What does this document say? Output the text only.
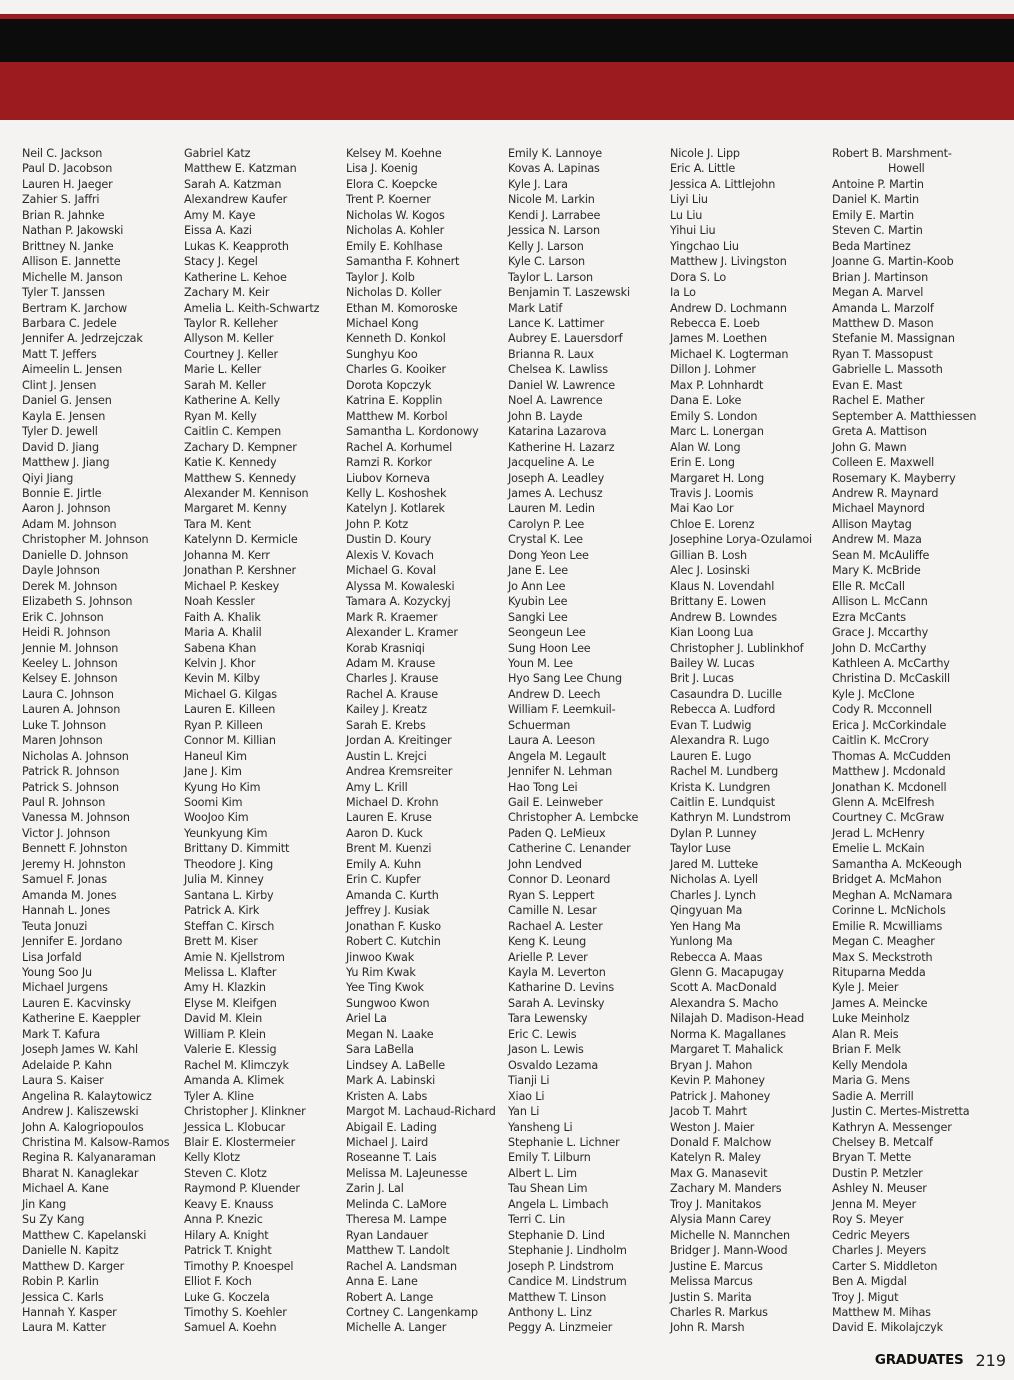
Neil C. Jackson
Paul D. Jacobson
Lauren H. Jaeger
Zahier S. Jaffri
Brian R. Jahnke
Nathan P. Jakowski
Brittney N. Janke
Allison E. Jannette
Michelle M. Janson
Tyler T. Janssen
Bertram K. Jarchow
Barbara C. Jedele
Jennifer A. Jedrzejczak
Matt T. Jeffers
Aimeelin L. Jensen
Clint J. Jensen
Daniel G. Jensen
Kayla E. Jensen
Tyler D. Jewell
David D. Jiang
Matthew J. Jiang
Qiyi Jiang
Bonnie E. Jirtle
Aaron J. Johnson
Adam M. Johnson
Christopher M. Johnson
Danielle D. Johnson
Dayle Johnson
Derek M. Johnson
Elizabeth S. Johnson
Erik C. Johnson
Heidi R. Johnson
Jennie M. Johnson
Keeley L. Johnson
Kelsey E. Johnson
Laura C. Johnson
Lauren A. Johnson
Luke T. Johnson
Maren Johnson
Nicholas A. Johnson
Patrick R. Johnson
Patrick S. Johnson
Paul R. Johnson
Vanessa M. Johnson
Victor J. Johnson
Bennett F. Johnston
Jeremy H. Johnston
Samuel F. Jonas
Amanda M. Jones
Hannah L. Jones
Teuta Jonuzi
Jennifer E. Jordano
Lisa Jorfald
Young Soo Ju
Michael Jurgens
Lauren E. Kacvinsky
Katherine E. Kaeppler
Mark T. Kafura
Joseph James W. Kahl
Adelaide P. Kahn
Laura S. Kaiser
Angelina R. Kalaytowicz
Andrew J. Kaliszewski
John A. Kalogriopoulos
Christina M. Kalsow-Ramos
Regina R. Kalyanaraman
Bharat N. Kanaglekar
Michael A. Kane
Jin Kang
Su Zy Kang
Matthew C. Kapelanski
Danielle N. Kapitz
Matthew D. Karger
Robin P. Karlin
Jessica C. Karls
Hannah Y. Kasper
Laura M. Katter
Gabriel Katz
Matthew E. Katzman
Sarah A. Katzman
Alexandrew Kaufer
Amy M. Kaye
Eissa A. Kazi
Lukas K. Keapproth
Stacy J. Kegel
Katherine L. Kehoe
Zachary M. Keir
Amelia L. Keith-Schwartz
Taylor R. Kelleher
Allyson M. Keller
Courtney J. Keller
Marie L. Keller
Sarah M. Keller
Katherine A. Kelly
Ryan M. Kelly
Caitlin C. Kempen
Zachary D. Kempner
Katie K. Kennedy
Matthew S. Kennedy
Alexander M. Kennison
Margaret M. Kenny
Tara M. Kent
Katelynn D. Kermicle
Johanna M. Kerr
Jonathan P. Kershner
Michael P. Keskey
Noah Kessler
Faith A. Khalik
Maria A. Khalil
Sabena Khan
Kelvin J. Khor
Kevin M. Kilby
Michael G. Kilgas
Lauren E. Killeen
Ryan P. Killeen
Connor M. Killian
Haneul Kim
Jane J. Kim
Kyung Ho Kim
Soomi Kim
WooJoo Kim
Yeunkyung Kim
Brittany D. Kimmitt
Theodore J. King
Julia M. Kinney
Santana L. Kirby
Patrick A. Kirk
Steffan C. Kirsch
Brett M. Kiser
Amie N. Kjellstrom
Melissa L. Klafter
Amy H. Klazkin
Elyse M. Kleifgen
David M. Klein
William P. Klein
Valerie E. Klessig
Rachel M. Klimczyk
Amanda A. Klimek
Tyler A. Kline
Christopher J. Klinkner
Jessica L. Klobucar
Blair E. Klostermeier
Kelly Klotz
Steven C. Klotz
Raymond P. Kluender
Keavy E. Knauss
Anna P. Knezic
Hilary A. Knight
Patrick T. Knight
Timothy P. Knoespel
Elliot F. Koch
Luke G. Koczela
Timothy S. Koehler
Samuel A. Koehn
Kelsey M. Koehne
Lisa J. Koenig
Elora C. Koepcke
Trent P. Koerner
Nicholas W. Kogos
Nicholas A. Kohler
Emily E. Kohlhase
Samantha F. Kohnert
Taylor J. Kolb
Nicholas D. Koller
Ethan M. Komoroske
Michael Kong
Kenneth D. Konkol
Sunghyu Koo
Charles G. Kooiker
Dorota Kopczyk
Katrina E. Kopplin
Matthew M. Korbol
Samantha L. Kordonowy
Rachel A. Korhumel
Ramzi R. Korkor
Liubov Korneva
Kelly L. Koshoshek
Katelyn J. Kotlarek
John P. Kotz
Dustin D. Koury
Alexis V. Kovach
Michael G. Koval
Alyssa M. Kowaleski
Tamara A. Kozyckyj
Mark R. Kraemer
Alexander L. Kramer
Korab Krasniqi
Adam M. Krause
Charles J. Krause
Rachel A. Krause
Kailey J. Kreatz
Sarah E. Krebs
Jordan A. Kreitinger
Austin L. Krejci
Andrea Kremsreiter
Amy L. Krill
Michael D. Krohn
Lauren E. Kruse
Aaron D. Kuck
Brent M. Kuenzi
Emily A. Kuhn
Erin C. Kupfer
Amanda C. Kurth
Jeffrey J. Kusiak
Jonathan F. Kusko
Robert C. Kutchin
Jinwoo Kwak
Yu Rim Kwak
Yee Ting Kwok
Sungwoo Kwon
Ariel La
Megan N. Laake
Sara LaBella
Lindsey A. LaBelle
Mark A. Labinski
Kristen A. Labs
Margot M. Lachaud-Richard
Abigail E. Lading
Michael J. Laird
Roseanne T. Lais
Melissa M. LaJeunesse
Zarin J. Lal
Melinda C. LaMore
Theresa M. Lampe
Ryan Landauer
Matthew T. Landolt
Rachel A. Landsman
Anna E. Lane
Robert A. Lange
Cortney C. Langenkamp
Michelle A. Langer
Emily K. Lannoye
Kovas A. Lapinas
Kyle J. Lara
Nicole M. Larkin
Kendi J. Larrabee
Jessica N. Larson
Kelly J. Larson
Kyle C. Larson
Taylor L. Larson
Benjamin T. Laszewski
Mark Latif
Lance K. Lattimer
Aubrey E. Lauersdorf
Brianna R. Laux
Chelsea K. Lawliss
Daniel W. Lawrence
Noel A. Lawrence
John B. Layde
Katarina Lazarova
Katherine H. Lazarz
Jacqueline A. Le
Joseph A. Leadley
James A. Lechusz
Lauren M. Ledin
Carolyn P. Lee
Crystal K. Lee
Dong Yeon Lee
Jane E. Lee
Jo Ann Lee
Kyubin Lee
Sangki Lee
Seongeun Lee
Sung Hoon Lee
Youn M. Lee
Hyo Sang Lee Chung
Andrew D. Leech
William F. Leemkuil-
Schuerman
Laura A. Leeson
Angela M. Legault
Jennifer N. Lehman
Hao Tong Lei
Gail E. Leinweber
Christopher A. Lembcke
Paden Q. LeMieux
Catherine C. Lenander
John Lendved
Connor D. Leonard
Ryan S. Leppert
Camille N. Lesar
Rachael A. Lester
Keng K. Leung
Arielle P. Lever
Kayla M. Leverton
Katharine D. Levins
Sarah A. Levinsky
Tara Lewensky
Eric C. Lewis
Jason L. Lewis
Osvaldo Lezama
Tianji Li
Xiao Li
Yan Li
Yansheng Li
Stephanie L. Lichner
Emily T. Lilburn
Albert L. Lim
Tau Shean Lim
Angela L. Limbach
Terri C. Lin
Stephanie D. Lind
Stephanie J. Lindholm
Joseph P. Lindstrom
Candice M. Lindstrum
Matthew T. Linson
Anthony L. Linz
Peggy A. Linzmeier
Nicole J. Lipp
Eric A. Little
Jessica A. Littlejohn
Liyi Liu
Lu Liu
Yihui Liu
Yingchao Liu
Matthew J. Livingston
Dora S. Lo
Ia Lo
Andrew D. Lochmann
Rebecca E. Loeb
James M. Loethen
Michael K. Logterman
Dillon J. Lohmer
Max P. Lohnhardt
Dana E. Loke
Emily S. London
Marc L. Lonergan
Alan W. Long
Erin E. Long
Margaret H. Long
Travis J. Loomis
Mai Kao Lor
Chloe E. Lorenz
Josephine Lorya-Ozulamoi
Gillian B. Losh
Alec J. Losinski
Klaus N. Lovendahl
Brittany E. Lowen
Andrew B. Lowndes
Kian Loong Lua
Christopher J. Lublinkhof
Bailey W. Lucas
Brit J. Lucas
Casaundra D. Lucille
Rebecca A. Ludford
Evan T. Ludwig
Alexandra R. Lugo
Lauren E. Lugo
Rachel M. Lundberg
Krista K. Lundgren
Caitlin E. Lundquist
Kathryn M. Lundstrom
Dylan P. Lunney
Taylor Luse
Jared M. Lutteke
Nicholas A. Lyell
Charles J. Lynch
Qingyuan Ma
Yen Hang Ma
Yunlong Ma
Rebecca A. Maas
Glenn G. Macapugay
Scott A. MacDonald
Alexandra S. Macho
Nilajah D. Madison-Head
Norma K. Magallanes
Margaret T. Mahalick
Bryan J. Mahon
Kevin P. Mahoney
Patrick J. Mahoney
Jacob T. Mahrt
Weston J. Maier
Donald F. Malchow
Katelyn R. Maley
Max G. Manasevit
Zachary M. Manders
Troy J. Manitakos
Alysia Mann Carey
Michelle N. Mannchen
Bridger J. Mann-Wood
Justine E. Marcus
Melissa Marcus
Justin S. Marita
Charles R. Markus
John R. Marsh
Robert B. Marshment-
Howell
Antoine P. Martin
Daniel K. Martin
Emily E. Martin
Steven C. Martin
Beda Martinez
Joanne G. Martin-Koob
Brian J. Martinson
Megan A. Marvel
Amanda L. Marzolf
Matthew D. Mason
Stefanie M. Massignan
Ryan T. Massopust
Gabrielle L. Massoth
Evan E. Mast
Rachel E. Mather
September A. Matthiessen
Greta A. Mattison
John G. Mawn
Colleen E. Maxwell
Rosemary K. Mayberry
Andrew R. Maynard
Michael Maynord
Allison Maytag
Andrew M. Maza
Sean M. McAuliffe
Mary K. McBride
Elle R. McCall
Allison L. McCann
Ezra McCants
Grace J. Mccarthy
John D. McCarthy
Kathleen A. McCarthy
Christina D. McCaskill
Kyle J. McClone
Cody R. Mcconnell
Erica J. McCorkindale
Caitlin K. McCrory
Thomas A. McCudden
Matthew J. Mcdonald
Jonathan K. Mcdonell
Glenn A. McElfresh
Courtney C. McGraw
Jerad L. McHenry
Emelie L. McKain
Samantha A. McKeough
Bridget A. McMahon
Meghan A. McNamara
Corinne L. McNichols
Emilie R. Mcwilliams
Megan C. Meagher
Max S. Meckstroth
Rituparna Medda
Kyle J. Meier
James A. Meincke
Luke Meinholz
Alan R. Meis
Brian F. Melk
Kelly Mendola
Maria G. Mens
Sadie A. Merrill
Justin C. Mertes-Mistretta
Kathryn A. Messenger
Chelsey B. Metcalf
Bryan T. Mette
Dustin P. Metzler
Ashley N. Meuser
Jenna M. Meyer
Roy S. Meyer
Cedric Meyers
Charles J. Meyers
Carter S. Middleton
Ben A. Migdal
Troy J. Migut
Matthew M. Mihas
David E. Mikolajczyk
GRADUATES 219
